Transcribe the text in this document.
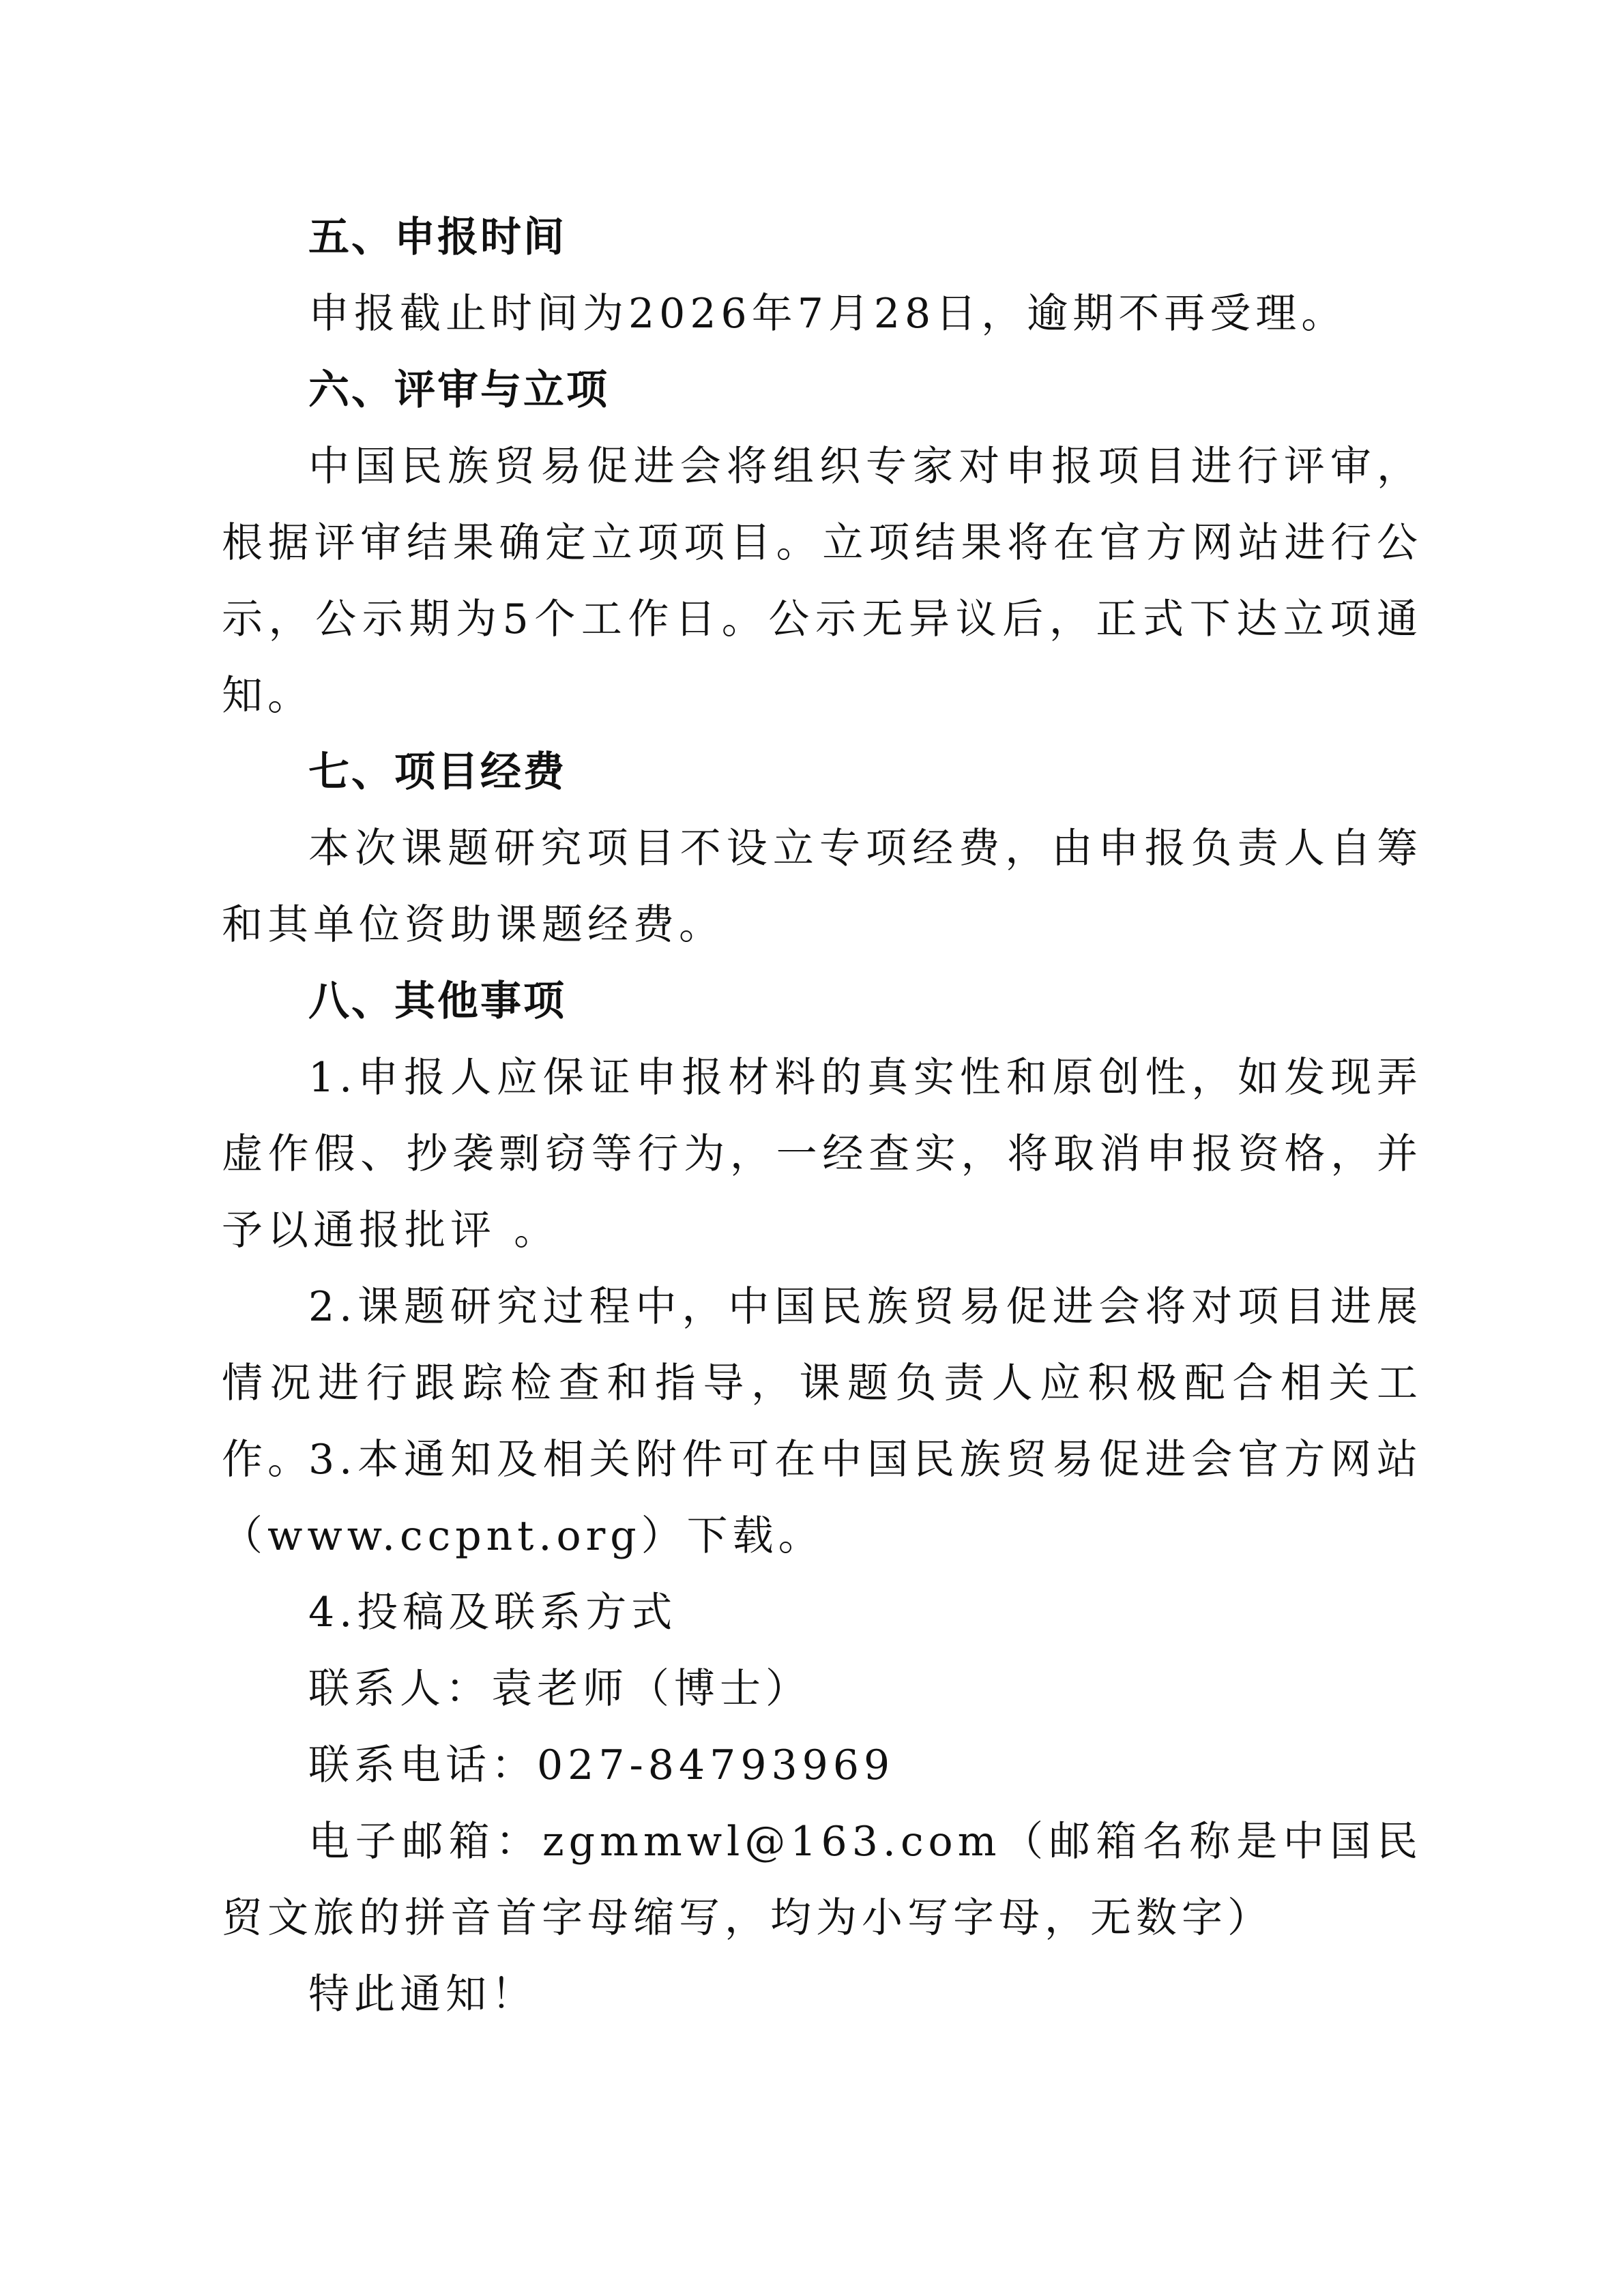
五、申报时间
申报截止时间为2026年7月28日，逾期不再受理。
六、评审与立项
中国民族贸易促进会将组织专家对申报项目进行评审，根据评审结果确定立项项目。立项结果将在官方网站进行公示，公示期为5个工作日。公示无异议后，正式下达立项通知。
七、项目经费
本次课题研究项目不设立专项经费，由申报负责人自筹和其单位资助课题经费。
八、其他事项
1.申报人应保证申报材料的真实性和原创性，如发现弄虚作假、抄袭剽窃等行为，一经查实，将取消申报资格，并予以通报批评 。
2.课题研究过程中，中国民族贸易促进会将对项目进展情况进行跟踪检查和指导，课题负责人应积极配合相关工作。
3.本通知及相关附件可在中国民族贸易促进会官方网站（www.ccpnt.org）下载。
4.投稿及联系方式
联系人：袁老师（博士）
联系电话：027-84793969
电子邮箱：zgmmwl@163.com（邮箱名称是中国民贸文旅的拼音首字母缩写，均为小写字母，无数字）
特此通知！
